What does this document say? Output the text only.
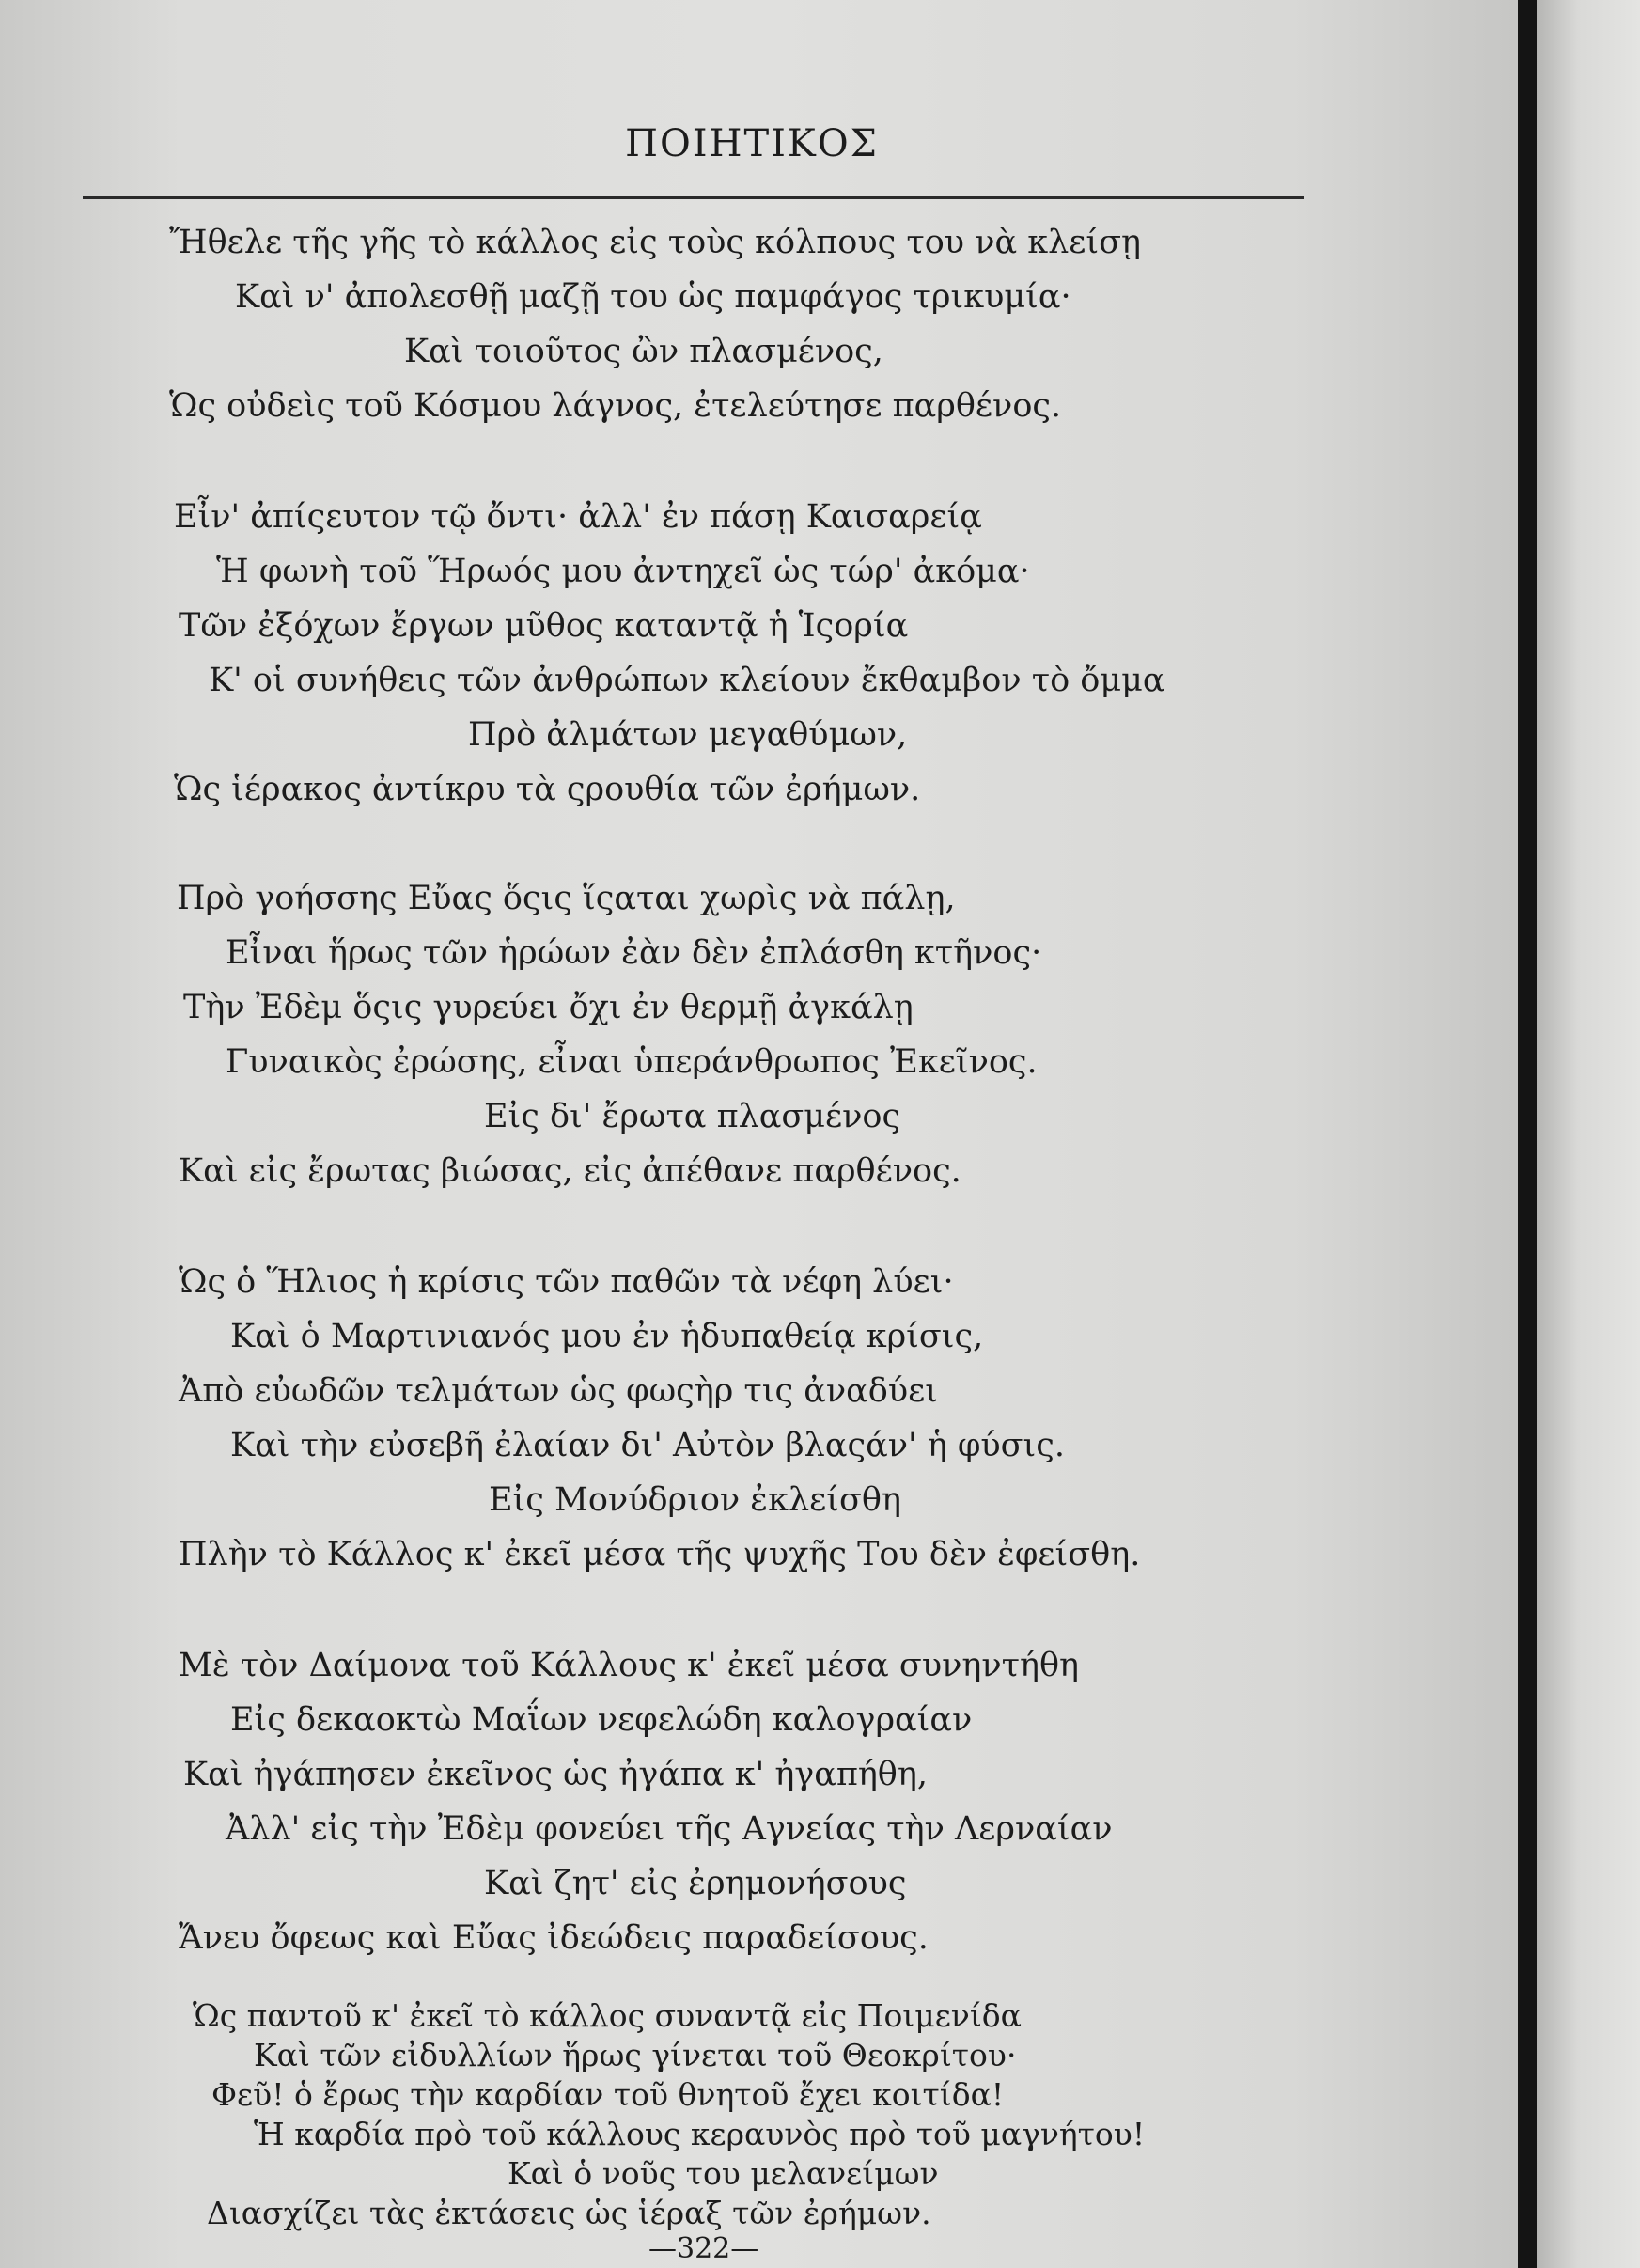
ΠΟΙΗΤΙΚΟΣ
Ἤθελε τῆς γῆς τὸ κάλλος εἰς τοὺς κόλπους του νὰ κλείσῃ
Καὶ ν' ἀπολεσθῇ μαζῇ του ὡς παμφάγος τρικυμία·
Καὶ τοιοῦτος ὢν πλασμένος,
Ὡς οὐδεὶς τοῦ Κόσμου λάγνος, ἐτελεύτησε παρθένος.
Εἶν' ἀπίςευτον τῷ ὄντι· ἀλλ' ἐν πάσῃ Καισαρείᾳ
Ἡ φωνὴ τοῦ Ἥρωός μου ἀντηχεῖ ὡς τώρ' ἀκόμα·
Τῶν ἐξόχων ἔργων μῦθος καταντᾷ ἡ Ἱςορία
Κ' οἱ συνήθεις τῶν ἀνθρώπων κλείουν ἔκθαμβον τὸ ὄμμα
Πρὸ ἀλμάτων μεγαθύμων,
Ὡς ἱέρακος ἀντίκρυ τὰ ςρουθία τῶν ἐρήμων.
Πρὸ γοήσσης Εὔας ὅςις ἵςαται χωρὶς νὰ πάλῃ,
Εἶναι ἥρως τῶν ἡρώων ἐὰν δὲν ἐπλάσθη κτῆνος·
Τὴν Ἐδὲμ ὅςις γυρεύει ὄχι ἐν θερμῇ ἀγκάλῃ
Γυναικὸς ἐρώσης, εἶναι ὑπεράνθρωπος Ἐκεῖνος.
Εἰς δι' ἔρωτα πλασμένος
Καὶ εἰς ἔρωτας βιώσας, εἰς ἀπέθανε παρθένος.
Ὡς ὁ Ἥλιος ἡ κρίσις τῶν παθῶν τὰ νέφη λύει·
Καὶ ὁ Μαρτινιανός μου ἐν ἡδυπαθείᾳ κρίσις,
Ἀπὸ εὐωδῶν τελμάτων ὡς φωςὴρ τις ἀναδύει
Καὶ τὴν εὐσεβῆ ἐλαίαν δι' Αὐτὸν βλαςάν' ἡ φύσις.
Εἰς Μονύδριον ἐκλείσθη
Πλὴν τὸ Κάλλος κ' ἐκεῖ μέσα τῆς ψυχῆς Του δὲν ἐφείσθη.
Μὲ τὸν Δαίμονα τοῦ Κάλλους κ' ἐκεῖ μέσα συνηντήθη
Εἰς δεκαοκτὼ Μαΐων νεφελώδη καλογραίαν
Καὶ ἠγάπησεν ἐκεῖνος ὡς ἠγάπα κ' ἠγαπήθη,
Ἀλλ' εἰς τὴν Ἐδὲμ φονεύει τῆς Αγνείας τὴν Λερναίαν
Καὶ ζητ' εἰς ἐρημονήσους
Ἄνευ ὄφεως καὶ Εὔας ἰδεώδεις παραδείσους.
Ὡς παντοῦ κ' ἐκεῖ τὸ κάλλος συναντᾷ εἰς Ποιμενίδα
Καὶ τῶν εἰδυλλίων ἥρως γίνεται τοῦ Θεοκρίτου·
Φεῦ! ὁ ἔρως τὴν καρδίαν τοῦ θνητοῦ ἔχει κοιτίδα!
Ἡ καρδία πρὸ τοῦ κάλλους κεραυνὸς πρὸ τοῦ μαγνήτου!
—322—
Καὶ ὁ νοῦς του μελανείμων
Διασχίζει τὰς ἐκτάσεις ὡς ἱέραξ τῶν ἐρήμων.
